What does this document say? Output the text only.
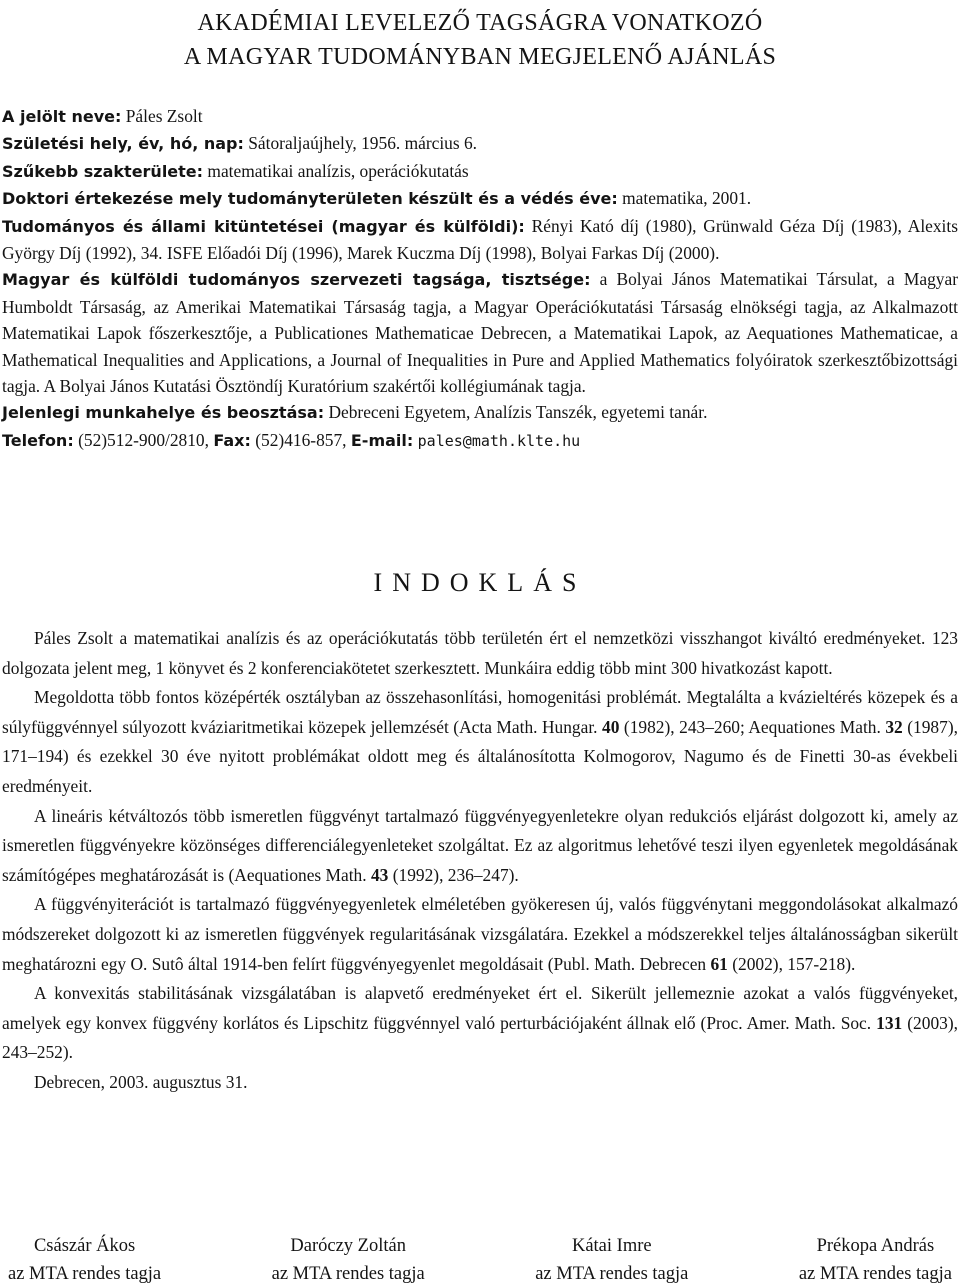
AKADÉMIAI LEVELEZŐ TAGSÁGRA VONATKOZÓ
A MAGYAR TUDOMÁNYBAN MEGJELENŐ AJÁNLÁS

A jelölt neve: Páles Zsolt

Születési hely, év, hó, nap: Sátoraljaújhely, 1956. március 6.

Szűkebb szakterülete: matematikai analízis, operációkutatás

Doktori értekezése mely tudományterületen készült és a védés éve: matematika, 2001.

Tudományos és állami kitüntetései (magyar és külföldi): Rényi Kató díj (1980), Grünwald Géza Díj (1983), Alexits György Díj (1992), 34. ISFE Előadói Díj (1996), Marek Kuczma Díj (1998), Bolyai Farkas Díj (2000).

Magyar és külföldi tudományos szervezeti tagsága, tisztsége: a Bolyai János Matematikai Társulat, a Magyar Humboldt Társaság, az Amerikai Matematikai Társaság tagja, a Magyar Operációkutatási Társaság elnökségi tagja, az Alkalmazott Matematikai Lapok főszerkesztője, a Publicationes Mathematicae Debrecen, a Matematikai Lapok, az Aequationes Mathematicae, a Mathematical Inequalities and Applications, a Journal of Inequalities in Pure and Applied Mathematics folyóiratok szerkesztőbizottsági tagja. A Bolyai János Kutatási Ösztöndíj Kuratórium szakértői kollégiumának tagja.

Jelenlegi munkahelye és beosztása: Debreceni Egyetem, Analízis Tanszék, egyetemi tanár.

Telefon: (52)512-900/2810, Fax: (52)416-857, E-mail: pales@math.klte.hu

INDOKLÁS

Páles Zsolt a matematikai analízis és az operációkutatás több területén ért el nemzetközi visszhangot kiváltó eredményeket. 123 dolgozata jelent meg, 1 könyvet és 2 konferenciakötetet szerkesztett. Munkáira eddig több mint 300 hivatkozást kapott.

Megoldotta több fontos középérték osztályban az összehasonlítási, homogenitási problémát. Megtalálta a kvázieltérés közepek és a súlyfüggvénnyel súlyozott kváziaritmetikai közepek jellemzését (Acta Math. Hungar. 40 (1982), 243–260; Aequationes Math. 32 (1987), 171–194) és ezekkel 30 éve nyitott problémákat oldott meg és általánosította Kolmogorov, Nagumo és de Finetti 30-as évekbeli eredményeit.

A lineáris kétváltozós több ismeretlen függvényt tartalmazó függvényegyenletekre olyan redukciós eljárást dolgozott ki, amely az ismeretlen függvényekre közönséges differenciálegyenleteket szolgáltat. Ez az algoritmus lehetővé teszi ilyen egyenletek megoldásának számítógépes meghatározását is (Aequationes Math. 43 (1992), 236–247).

A függvényiterációt is tartalmazó függvényegyenletek elméletében gyökeresen új, valós függvénytani meggondolásokat alkalmazó módszereket dolgozott ki az ismeretlen függvények regularitásának vizsgálatára. Ezekkel a módszerekkel teljes általánosságban sikerült meghatározni egy O. Sutô által 1914-ben felírt függvényegyenlet megoldásait (Publ. Math. Debrecen 61 (2002), 157-218).

A konvexitás stabilitásának vizsgálatában is alapvető eredményeket ért el. Sikerült jellemeznie azokat a valós függvényeket, amelyek egy konvex függvény korlátos és Lipschitz függvénnyel való perturbációjaként állnak elő (Proc. Amer. Math. Soc. 131 (2003), 243–252).

Debrecen, 2003. augusztus 31.

Császár Ákos
az MTA rendes tagja
Daróczy Zoltán
az MTA rendes tagja
Kátai Imre
az MTA rendes tagja
Prékopa András
az MTA rendes tagja
